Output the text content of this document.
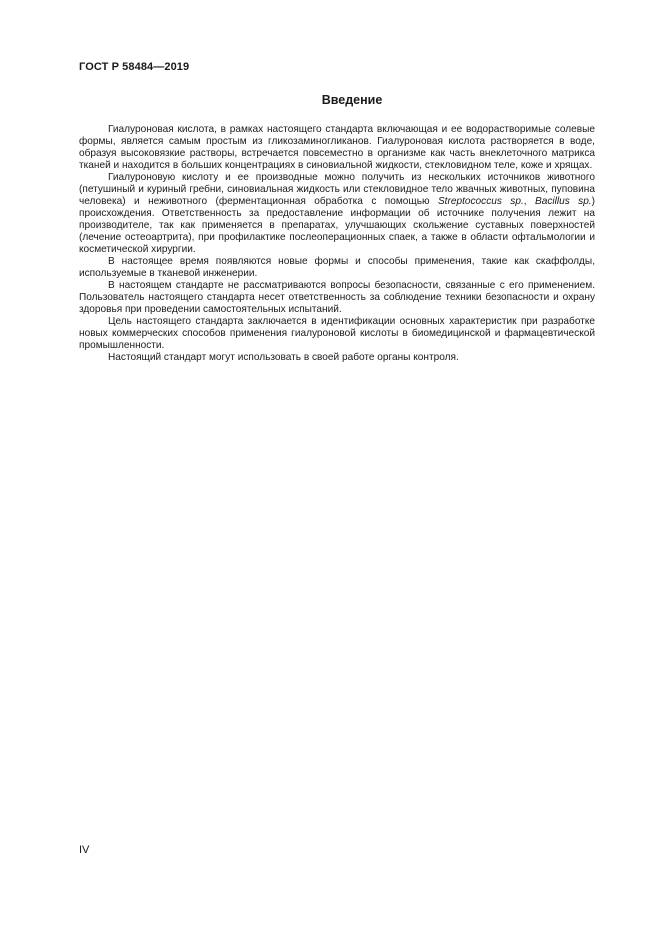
ГОСТ Р 58484—2019
Введение

Гиалуроновая кислота, в рамках настоящего стандарта включающая и ее водорастворимые солевые формы, является самым простым из гликозаминогликанов. Гиалуроновая кислота растворяется в воде, образуя высоковязкие растворы, встречается повсеместно в организме как часть внеклеточного матрикса тканей и находится в больших концентрациях в синовиальной жидкости, стекловидном теле, коже и хрящах.

Гиалуроновую кислоту и ее производные можно получить из нескольких источников животного (петушиный и куриный гребни, синовиальная жидкость или стекловидное тело жвачных животных, пуповина человека) и неживотного (ферментационная обработка с помощью Streptococcus sp., Bacillus sp.) происхождения. Ответственность за предоставление информации об источнике получения лежит на производителе, так как применяется в препаратах, улучшающих скольжение суставных поверхностей (лечение остеоартрита), при профилактике послеоперационных спаек, а также в области офтальмологии и косметической хирургии.

В настоящее время появляются новые формы и способы применения, такие как скаффолды, используемые в тканевой инженерии.

В настоящем стандарте не рассматриваются вопросы безопасности, связанные с его применением. Пользователь настоящего стандарта несет ответственность за соблюдение техники безопасности и охрану здоровья при проведении самостоятельных испытаний.

Цель настоящего стандарта заключается в идентификации основных характеристик при разработке новых коммерческих способов применения гиалуроновой кислоты в биомедицинской и фармацевтической промышленности.

Настоящий стандарт могут использовать в своей работе органы контроля.

IV
